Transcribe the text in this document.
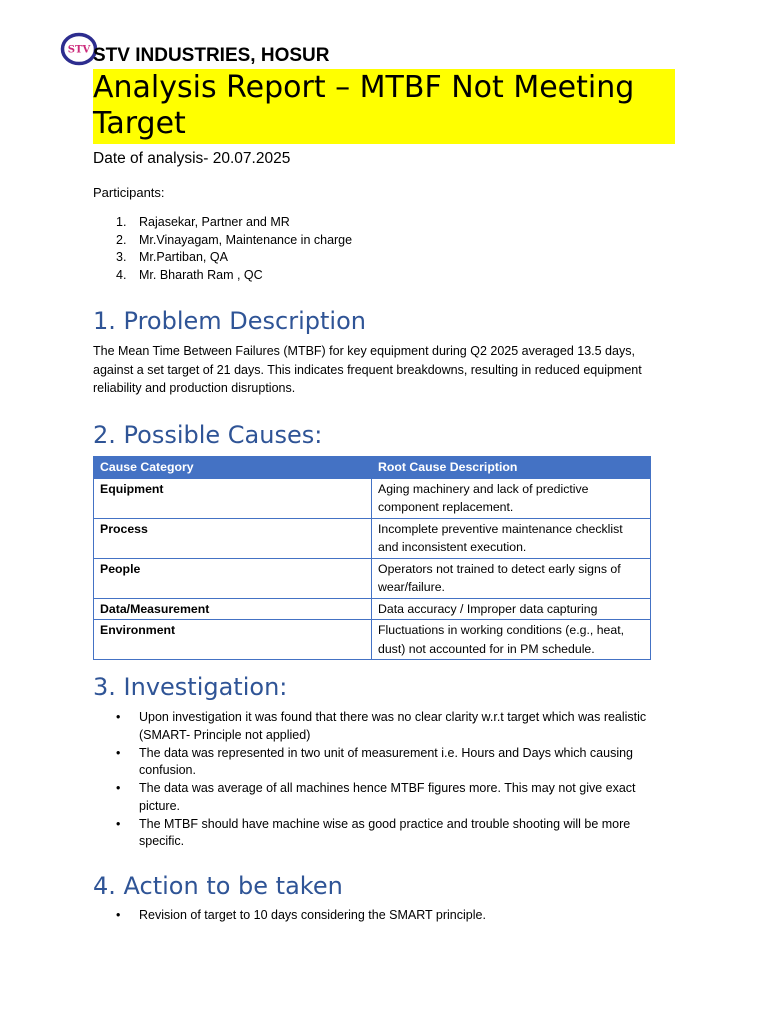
STV STV INDUSTRIES, HOSUR
Analysis Report – MTBF Not Meeting Target
Date of analysis- 20.07.2025
Participants:
1. Rajasekar, Partner and MR
2. Mr.Vinayagam, Maintenance in charge
3. Mr.Partiban, QA
4. Mr. Bharath Ram , QC
1. Problem Description
The Mean Time Between Failures (MTBF) for key equipment during Q2 2025 averaged 13.5 days, against a set target of 21 days. This indicates frequent breakdowns, resulting in reduced equipment reliability and production disruptions.
2. Possible Causes:
Cause Category	Root Cause Description
Equipment	Aging machinery and lack of predictive component replacement.
Process	Incomplete preventive maintenance checklist and inconsistent execution.
People	Operators not trained to detect early signs of wear/failure.
Data/Measurement	Data accuracy / Improper data capturing
Environment	Fluctuations in working conditions (e.g., heat, dust) not accounted for in PM schedule.
3. Investigation:
• Upon investigation it was found that there was no clear clarity w.r.t target which was realistic (SMART- Principle not applied)
• The data was represented in two unit of measurement i.e. Hours and Days which causing confusion.
• The data was average of all machines hence MTBF figures more. This may not give exact picture.
• The MTBF should have machine wise as good practice and trouble shooting will be more specific.
4. Action to be taken
• Revision of target to 10 days considering the SMART principle.
